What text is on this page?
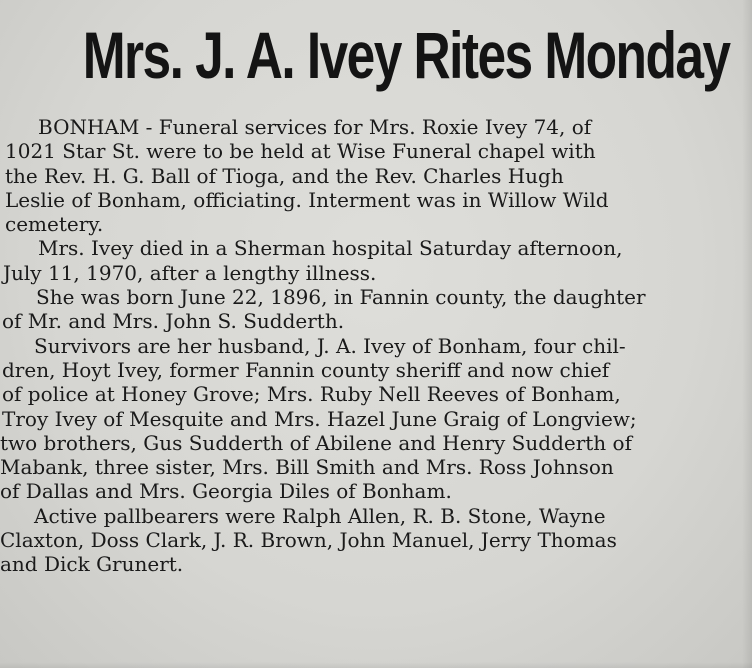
Mrs. J. A. Ivey Rites Monday
BONHAM - Funeral services for Mrs. Roxie Ivey 74, of
1021 Star St. were to be held at Wise Funeral chapel with
the Rev. H. G. Ball of Tioga, and the Rev. Charles Hugh
Leslie of Bonham, officiating. Interment was in Willow Wild
cemetery.
Mrs. Ivey died in a Sherman hospital Saturday afternoon,
July 11, 1970, after a lengthy illness.
She was born June 22, 1896, in Fannin county, the daughter
of Mr. and Mrs. John S. Sudderth.
Survivors are her husband, J. A. Ivey of Bonham, four chil-
dren, Hoyt Ivey, former Fannin county sheriff and now chief
of police at Honey Grove; Mrs. Ruby Nell Reeves of Bonham,
Troy Ivey of Mesquite and Mrs. Hazel June Graig of Longview;
two brothers, Gus Sudderth of Abilene and Henry Sudderth of
Mabank, three sister, Mrs. Bill Smith and Mrs. Ross Johnson
of Dallas and Mrs. Georgia Diles of Bonham.
Active pallbearers were Ralph Allen, R. B. Stone, Wayne
Claxton, Doss Clark, J. R. Brown, John Manuel, Jerry Thomas
and Dick Grunert.
